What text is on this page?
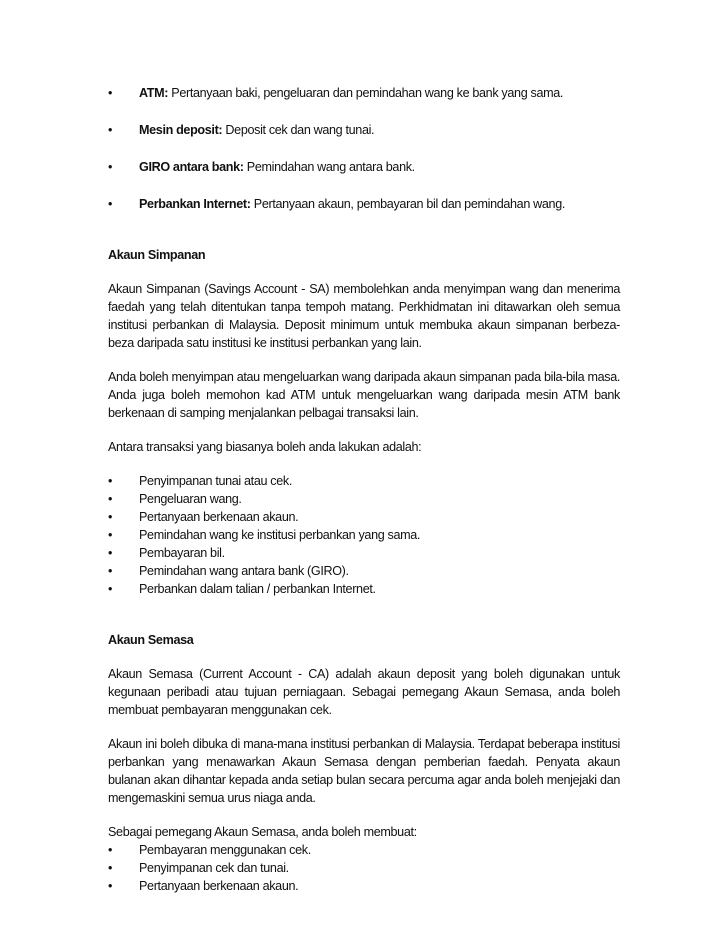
• ATM: Pertanyaan baki, pengeluaran dan pemindahan wang ke bank yang sama.
• Mesin deposit: Deposit cek dan wang tunai.
• GIRO antara bank: Pemindahan wang antara bank.
• Perbankan Internet: Pertanyaan akaun, pembayaran bil dan pemindahan wang.
Akaun Simpanan

Akaun Simpanan (Savings Account - SA) membolehkan anda menyimpan wang dan menerima faedah yang telah ditentukan tanpa tempoh matang. Perkhidmatan ini ditawarkan oleh semua institusi perbankan di Malaysia. Deposit minimum untuk membuka akaun simpanan berbeza-beza daripada satu institusi ke institusi perbankan yang lain.

Anda boleh menyimpan atau mengeluarkan wang daripada akaun simpanan pada bila-bila masa. Anda juga boleh memohon kad ATM untuk mengeluarkan wang daripada mesin ATM bank berkenaan di samping menjalankan pelbagai transaksi lain.

Antara transaksi yang biasanya boleh anda lakukan adalah:

• Penyimpanan tunai atau cek.
• Pengeluaran wang.
• Pertanyaan berkenaan akaun.
• Pemindahan wang ke institusi perbankan yang sama.
• Pembayaran bil.
• Pemindahan wang antara bank (GIRO).
• Perbankan dalam talian / perbankan Internet.
Akaun Semasa

Akaun Semasa (Current Account - CA) adalah akaun deposit yang boleh digunakan untuk kegunaan peribadi atau tujuan perniagaan. Sebagai pemegang Akaun Semasa, anda boleh membuat pembayaran menggunakan cek.

Akaun ini boleh dibuka di mana-mana institusi perbankan di Malaysia. Terdapat beberapa institusi perbankan yang menawarkan Akaun Semasa dengan pemberian faedah. Penyata akaun bulanan akan dihantar kepada anda setiap bulan secara percuma agar anda boleh menjejaki dan mengemaskini semua urus niaga anda.

Sebagai pemegang Akaun Semasa, anda boleh membuat:

• Pembayaran menggunakan cek.
• Penyimpanan cek dan tunai.
• Pertanyaan berkenaan akaun.
